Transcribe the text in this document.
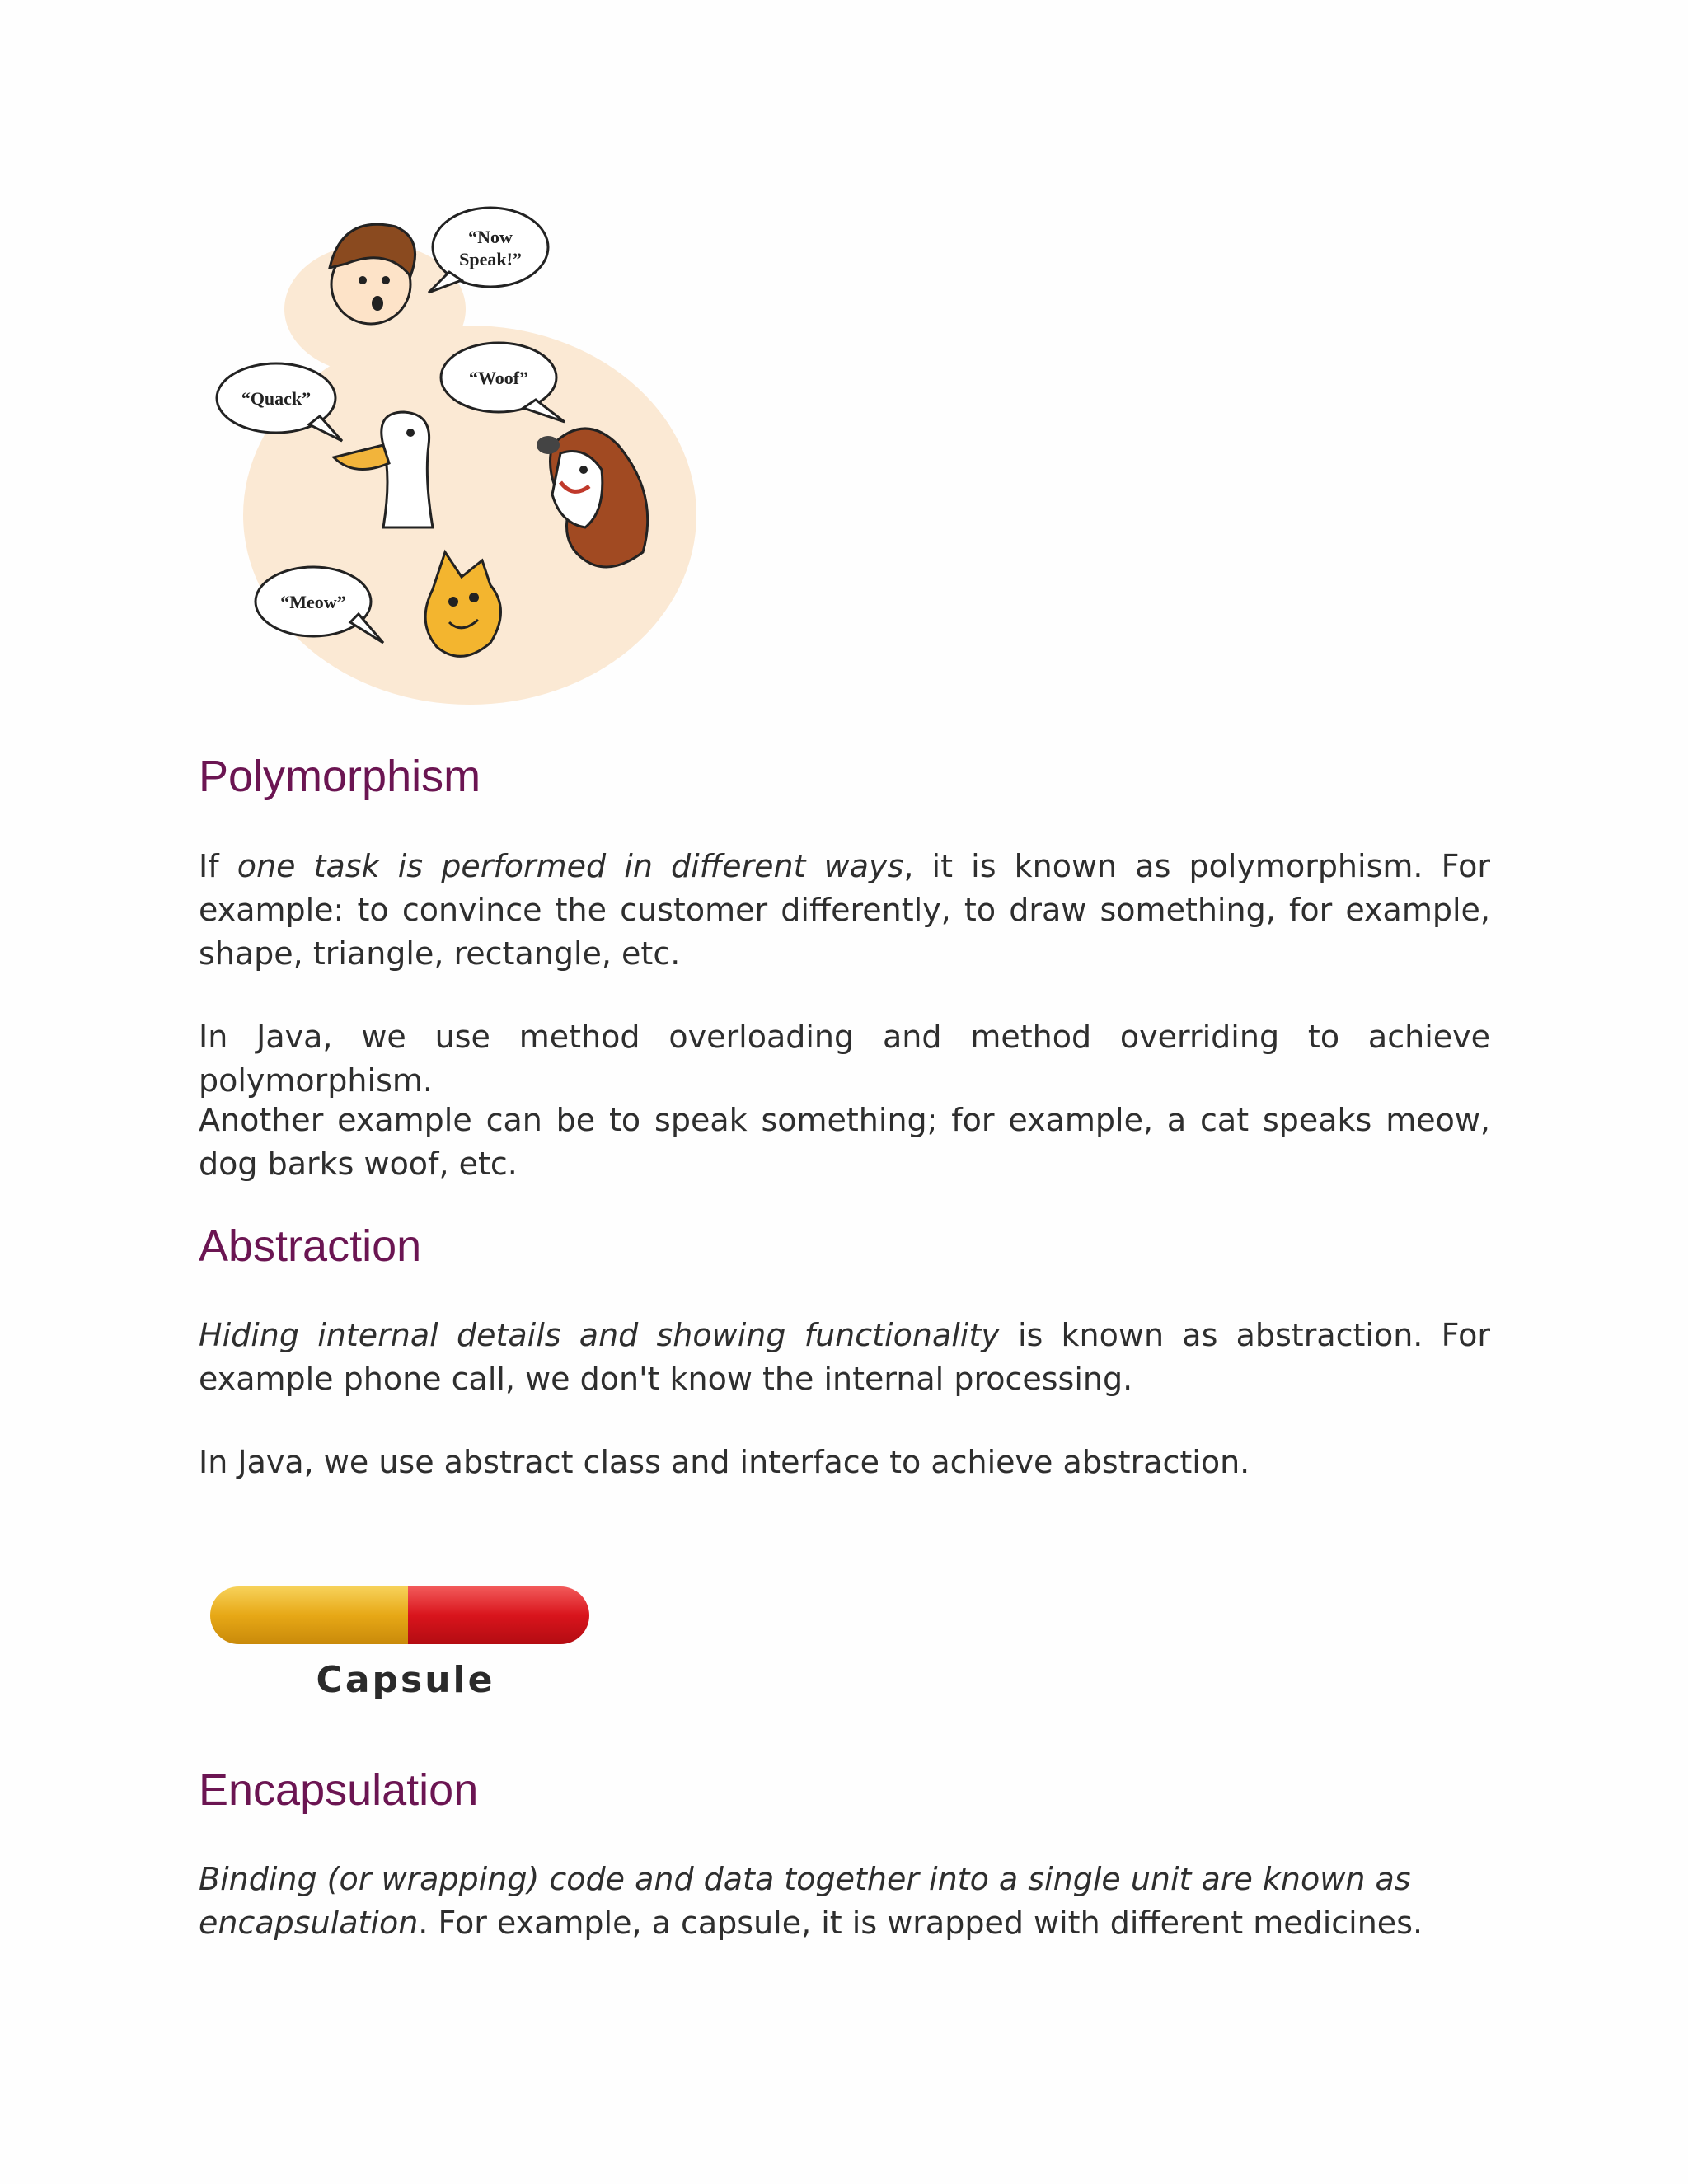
“Now
Speak!”
“Woof”
“Quack”
“Meow”
Polymorphism

If one task is performed in different ways, it is known as polymorphism. For example: to convince the customer differently, to draw something, for example, shape, triangle, rectangle, etc.

In Java, we use method overloading and method overriding to achieve polymorphism.

Another example can be to speak something; for example, a cat speaks meow, dog barks woof, etc.

Abstraction

Hiding internal details and showing functionality is known as abstraction. For example phone call, we don't know the internal processing.

In Java, we use abstract class and interface to achieve abstraction.

Capsule
Encapsulation

Binding (or wrapping) code and data together into a single unit are known as encapsulation. For example, a capsule, it is wrapped with different medicines.
